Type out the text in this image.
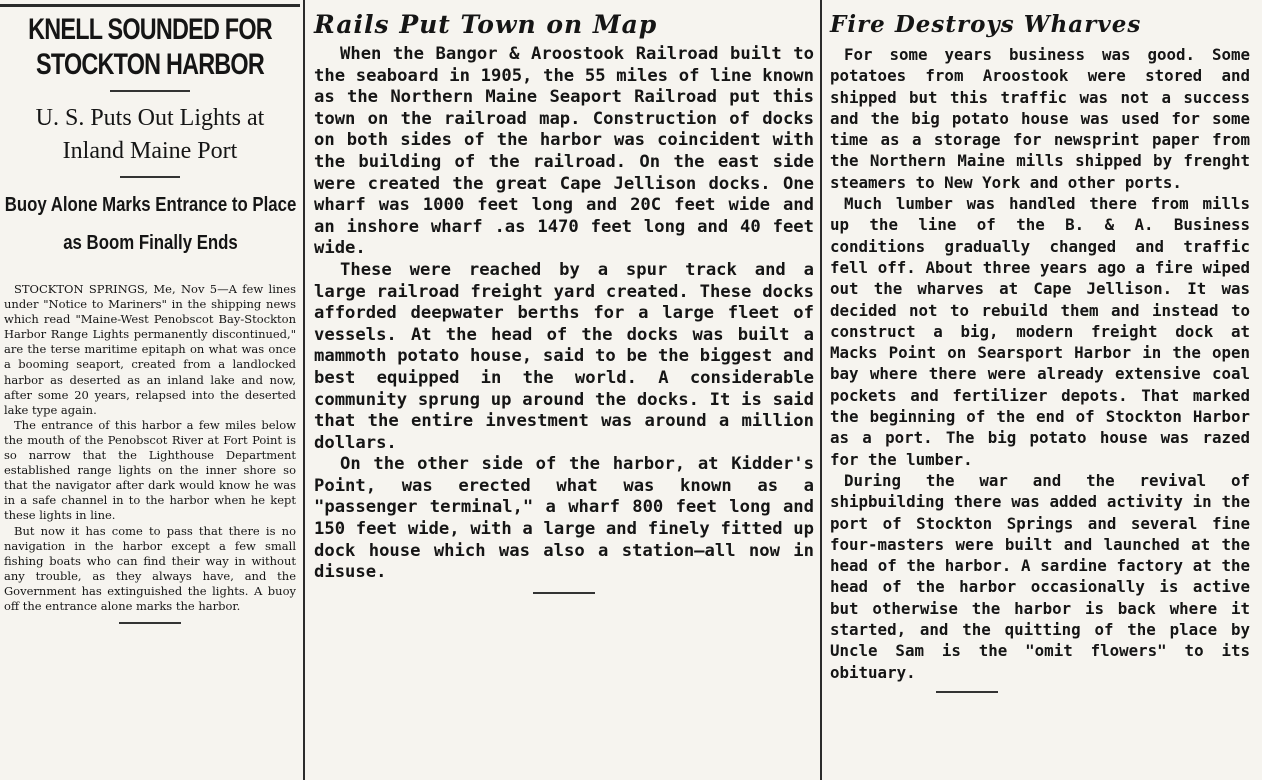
KNELL SOUNDED FOR
STOCKTON HARBOR
U. S. Puts Out Lights at
Inland Maine Port
Buoy Alone Marks Entrance to Place
as Boom Finally Ends

STOCKTON SPRINGS, Me, Nov 5—A few lines under "Notice to Mariners" in the shipping news which read "Maine-West Penobscot Bay-Stockton Harbor Range Lights permanently discontinued," are the terse maritime epitaph on what was once a booming seaport, created from a landlocked harbor as deserted as an inland lake and now, after some 20 years, relapsed into the deserted lake type again.

The entrance of this harbor a few miles below the mouth of the Penobscot River at Fort Point is so narrow that the Lighthouse Department established range lights on the inner shore so that the navigator after dark would know he was in a safe channel in to the harbor when he kept these lights in line.

But now it has come to pass that there is no navigation in the harbor except a few small fishing boats who can find their way in without any trouble, as they always have, and the Government has extinguished the lights. A buoy off the entrance alone marks the harbor.

Rails Put Town on Map

When the Bangor & Aroostook Railroad built to the seaboard in 1905, the 55 miles of line known as the Northern Maine Seaport Railroad put this town on the railroad map. Construction of docks on both sides of the harbor was coincident with the building of the railroad. On the east side were created the great Cape Jellison docks. One wharf was 1000 feet long and 20C feet wide and an inshore wharf .as 1470 feet long and 40 feet wide.

These were reached by a spur track and a large railroad freight yard created. These docks afforded deepwater berths for a large fleet of vessels. At the head of the docks was built a mammoth potato house, said to be the biggest and best equipped in the world. A considerable community sprung up around the docks. It is said that the entire investment was around a million dollars.

On the other side of the harbor, at Kidder's Point, was erected what was known as a "passenger terminal," a wharf 800 feet long and 150 feet wide, with a large and finely fitted up dock house which was also a station—all now in disuse.

Fire Destroys Wharves

For some years business was good. Some potatoes from Aroostook were stored and shipped but this traffic was not a success and the big potato house was used for some time as a storage for newsprint paper from the Northern Maine mills shipped by frenght steamers to New York and other ports.

Much lumber was handled there from mills up the line of the B. & A. Business conditions gradually changed and traffic fell off. About three years ago a fire wiped out the wharves at Cape Jellison. It was decided not to rebuild them and instead to construct a big, modern freight dock at Macks Point on Searsport Harbor in the open bay where there were already extensive coal pockets and fertilizer depots. That marked the beginning of the end of Stockton Harbor as a port. The big potato house was razed for the lumber.

During the war and the revival of shipbuilding there was added activity in the port of Stockton Springs and several fine four-masters were built and launched at the head of the harbor. A sardine factory at the head of the harbor occasionally is active but otherwise the harbor is back where it started, and the quitting of the place by Uncle Sam is the "omit flowers" to its obituary.
